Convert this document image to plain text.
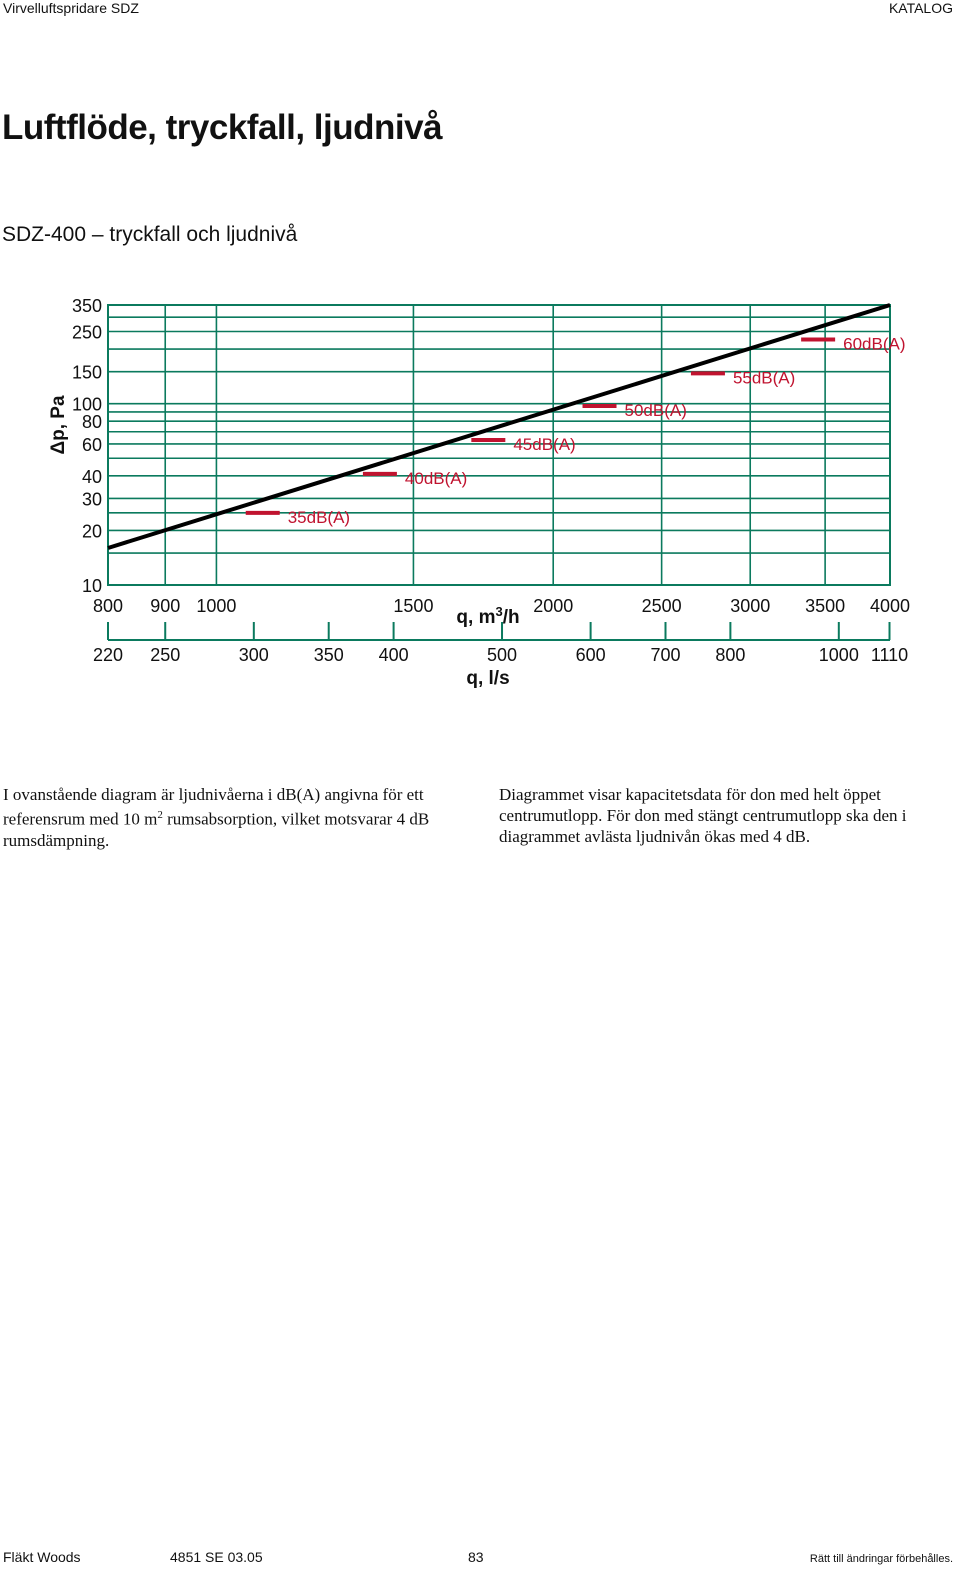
Virvelluftspridare SDZ	KATALOG
Luftflöde, tryckfall, ljudnivå
SDZ-400 – tryckfall och ljudnivå
35dB(A)
40dB(A)
45dB(A)
50dB(A)
55dB(A)
60dB(A)
10
20
30
40
60
80
100
150
250
350
800 900 1000	1500	2000	2500	3000 3500 4000
220 250	300 350 400	500	600 700 800	1000 1110
Δp, Pa
q, $m^3/h$
q, l/s

I ovanstående diagram är ljudnivåerna i dB(A) angivna för ett referensrum med 10 $m^2$ rumsabsorption, vilket motsvarar 4 dB rumsdämpning.

Diagrammet visar kapacitetsdata för don med helt öppet centrumutlopp. För don med stängt centrumutlopp ska den i diagrammet avlästa ljudnivån ökas med 4 dB.

Fläkt Woods	4851 SE 03.05	83	Rätt till ändringar förbehålles.
